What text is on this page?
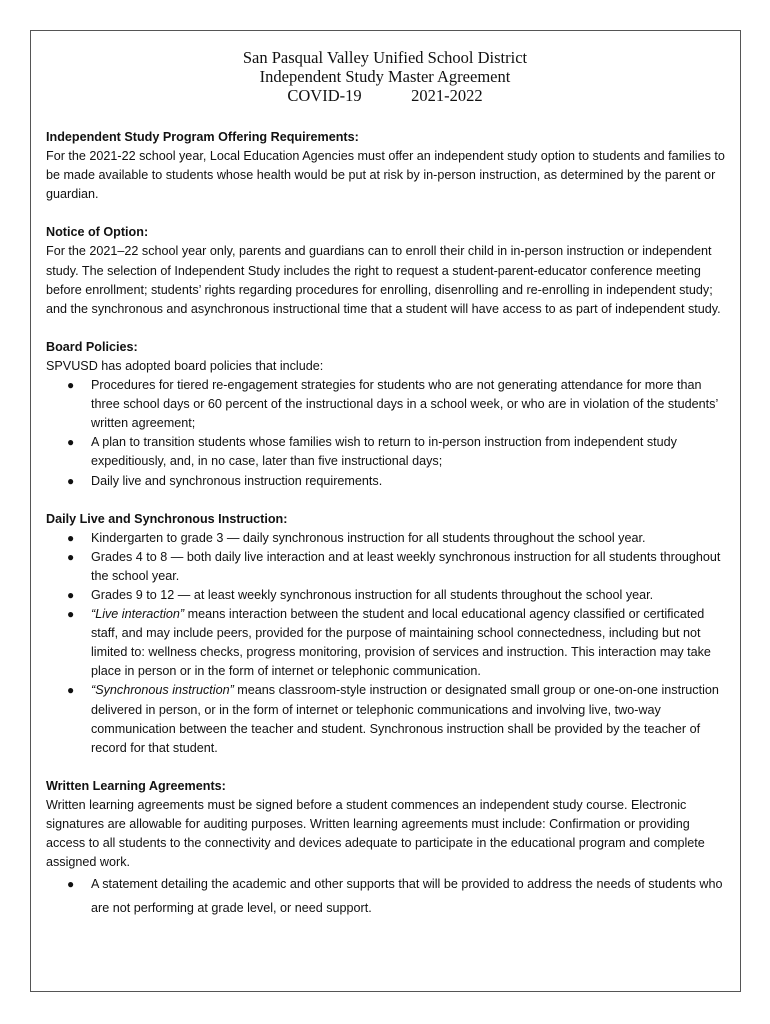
San Pasqual Valley Unified School District
Independent Study Master Agreement
COVID-19            2021-2022
Independent Study Program Offering Requirements:

For the 2021-22 school year, Local Education Agencies must offer an independent study option to students and families to be made available to students whose health would be put at risk by in-person instruction, as determined by the parent or guardian.

Notice of Option:

For the 2021–22 school year only, parents and guardians can to enroll their child in in-person instruction or independent study. The selection of Independent Study includes the right to request a student-parent-educator conference meeting before enrollment; students’ rights regarding procedures for enrolling, disenrolling and re-enrolling in independent study; and the synchronous and asynchronous instructional time that a student will have access to as part of independent study.

Board Policies:

SPVUSD has adopted board policies that include:

● Procedures for tiered re-engagement strategies for students who are not generating attendance for more than three school days or 60 percent of the instructional days in a school week, or who are in violation of the students’ written agreement;
● A plan to transition students whose families wish to return to in-person instruction from independent study expeditiously, and, in no case, later than five instructional days;
● Daily live and synchronous instruction requirements.
Daily Live and Synchronous Instruction:
● Kindergarten to grade 3 — daily synchronous instruction for all students throughout the school year.
● Grades 4 to 8 — both daily live interaction and at least weekly synchronous instruction for all students throughout the school year.
● Grades 9 to 12 — at least weekly synchronous instruction for all students throughout the school year.
● “Live interaction” means interaction between the student and local educational agency classified or certificated staff, and may include peers, provided for the purpose of maintaining school connectedness, including but not limited to: wellness checks, progress monitoring, provision of services and instruction. This interaction may take place in person or in the form of internet or telephonic communication.
● “Synchronous instruction” means classroom-style instruction or designated small group or one-on-one instruction delivered in person, or in the form of internet or telephonic communications and involving live, two-way communication between the teacher and student. Synchronous instruction shall be provided by the teacher of record for that student.
Written Learning Agreements:

Written learning agreements must be signed before a student commences an independent study course. Electronic signatures are allowable for auditing purposes. Written learning agreements must include: Confirmation or providing access to all students to the connectivity and devices adequate to participate in the educational program and complete assigned work.

● A statement detailing the academic and other supports that will be provided to address the needs of students who are not performing at grade level, or need support.
